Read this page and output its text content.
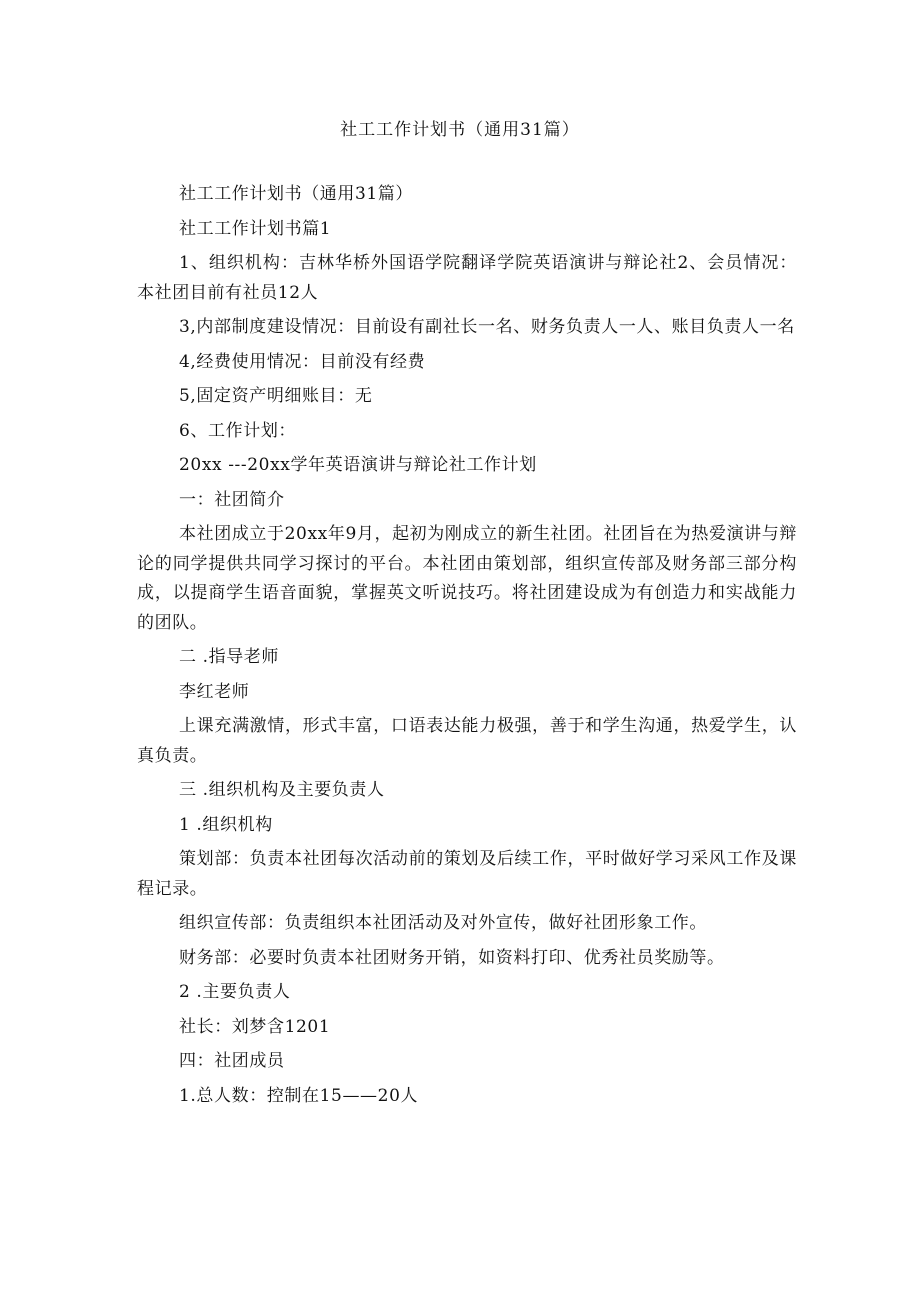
社工工作计划书（通用31篇）

社工工作计划书（通用31篇）

社工工作计划书篇1

1、组织机构：吉林华桥外国语学院翻译学院英语演讲与辩论社2、会员情况：本社团目前有社员12人

3,内部制度建设情况：目前设有副社长一名、财务负责人一人、账目负责人一名

4,经费使用情况：目前没有经费

5,固定资产明细账目：无

6、工作计划：

20xx ---20xx学年英语演讲与辩论社工作计划

一：社团简介

本社团成立于20xx年9月，起初为刚成立的新生社团。社团旨在为热爱演讲与辩论的同学提供共同学习探讨的平台。本社团由策划部，组织宣传部及财务部三部分构成，以提商学生语音面貌，掌握英文听说技巧。将社团建设成为有创造力和实战能力的团队。

二 .指导老师

李红老师

上课充满激情，形式丰富，口语表达能力极强，善于和学生沟通，热爱学生，认真负责。

三 .组织机构及主要负责人

1 .组织机构

策划部：负责本社团每次活动前的策划及后续工作，平时做好学习采风工作及课程记录。

组织宣传部：负责组织本社团活动及对外宣传，做好社团形象工作。

财务部：必要时负责本社团财务开销，如资料打印、优秀社员奖励等。

2 .主要负责人

社长：刘梦含1201

四：社团成员

1.总人数：控制在15——20人
